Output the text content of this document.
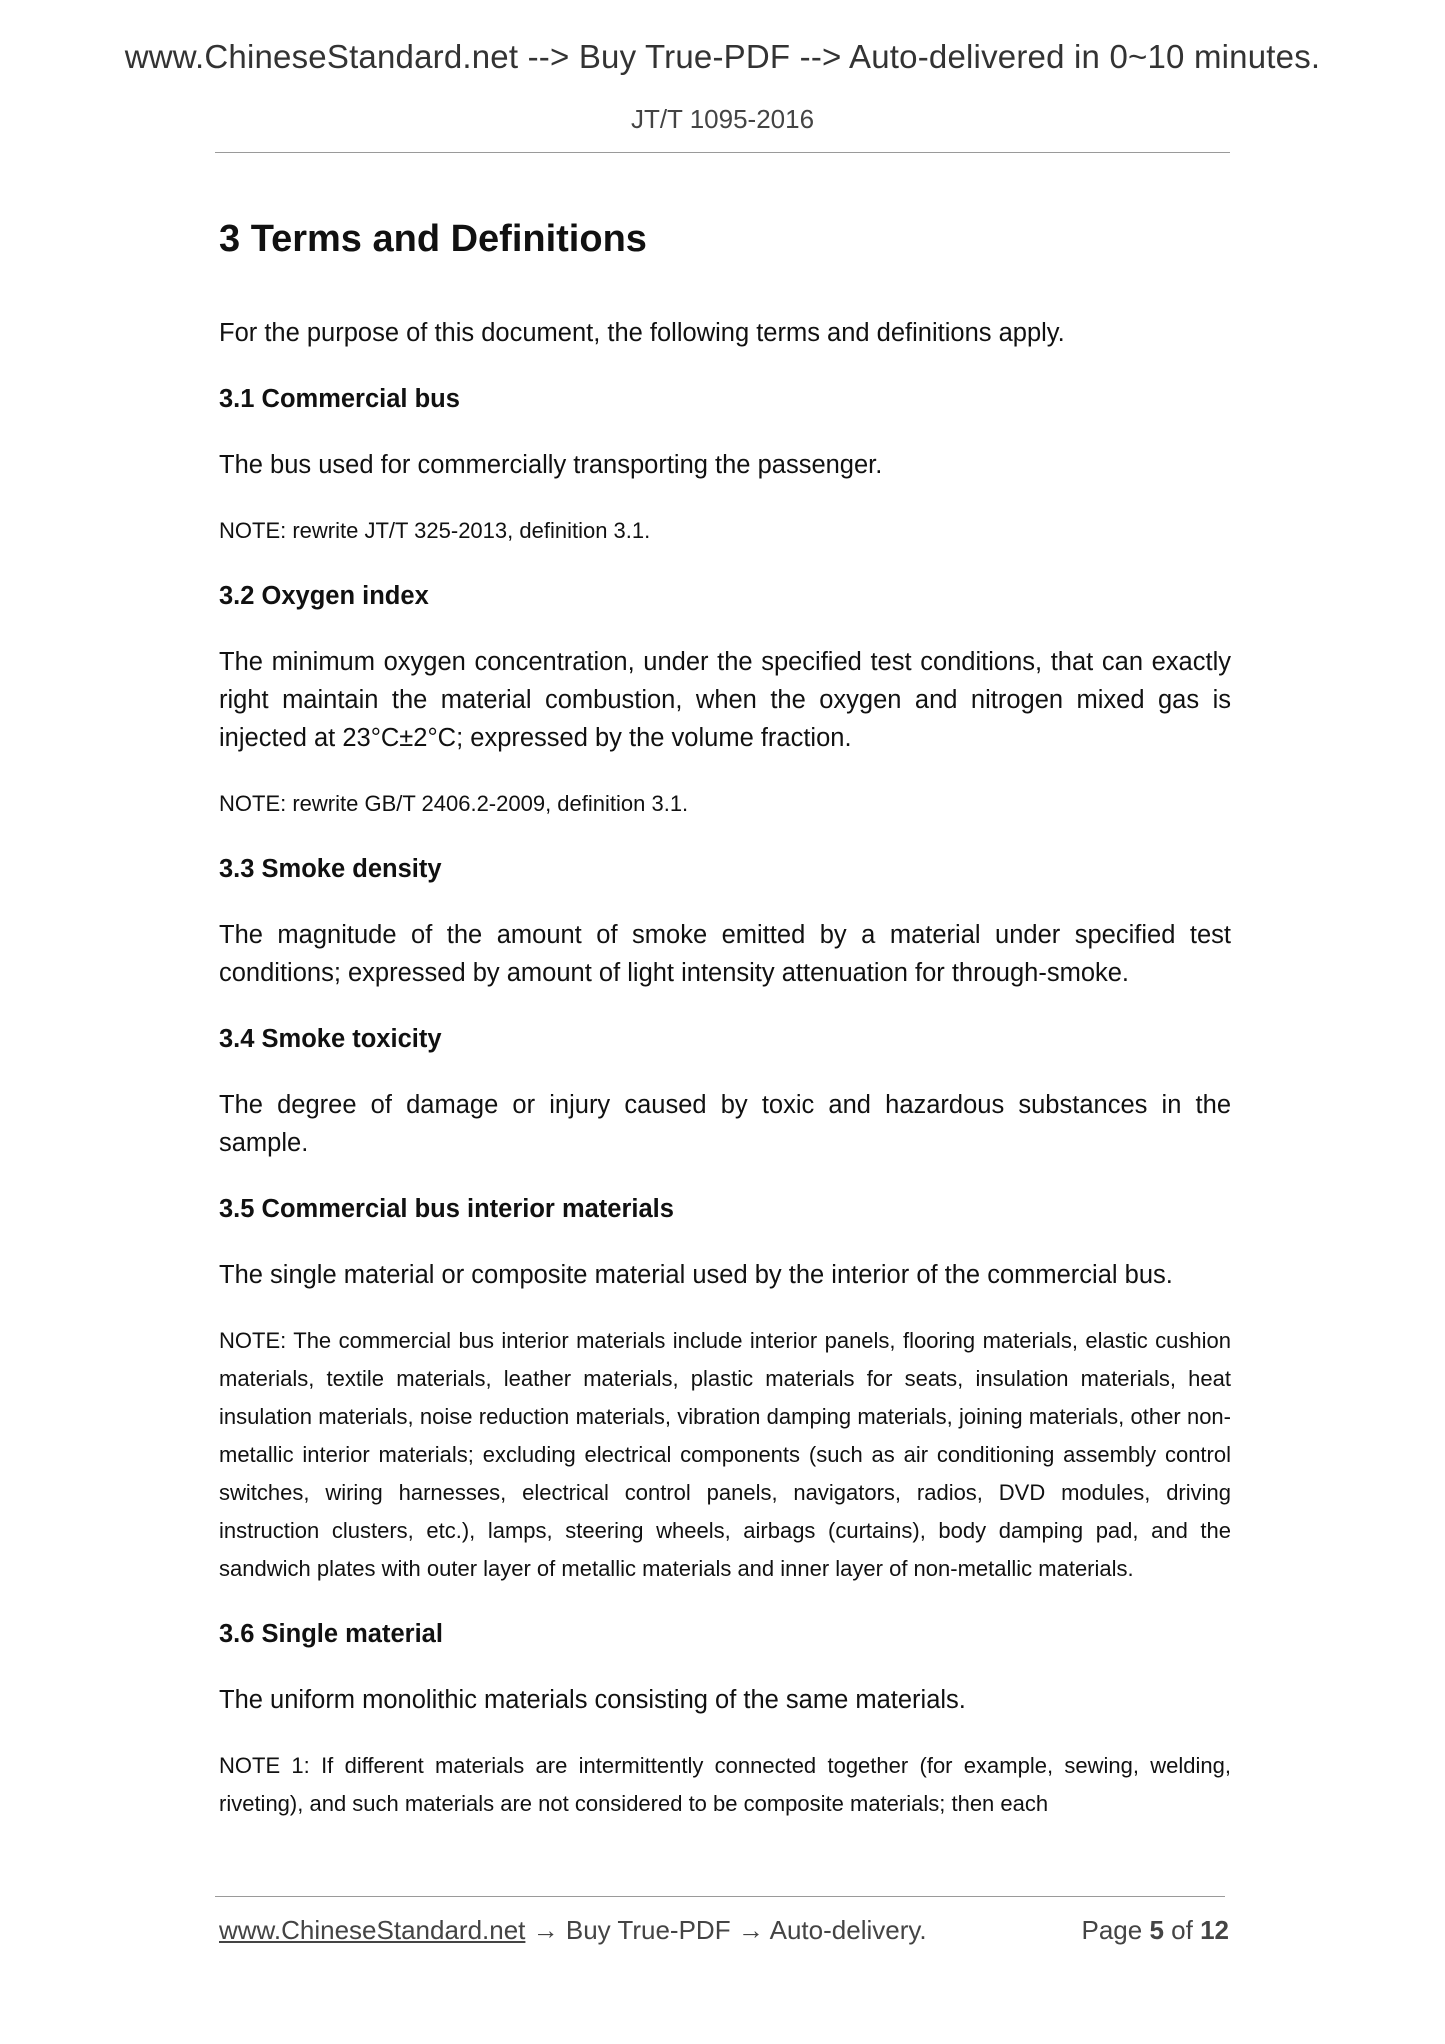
www.ChineseStandard.net --> Buy True-PDF --> Auto-delivered in 0~10 minutes.
JT/T 1095-2016
3 Terms and Definitions

For the purpose of this document, the following terms and definitions apply.

3.1 Commercial bus

The bus used for commercially transporting the passenger.

NOTE: rewrite JT/T 325-2013, definition 3.1.

3.2 Oxygen index

The minimum oxygen concentration, under the specified test conditions, that can exactly right maintain the material combustion, when the oxygen and nitrogen mixed gas is injected at 23°C±2°C; expressed by the volume fraction.

NOTE: rewrite GB/T 2406.2-2009, definition 3.1.

3.3 Smoke density

The magnitude of the amount of smoke emitted by a material under specified test conditions; expressed by amount of light intensity attenuation for through-smoke.

3.4 Smoke toxicity

The degree of damage or injury caused by toxic and hazardous substances in the sample.

3.5 Commercial bus interior materials

The single material or composite material used by the interior of the commercial bus.

NOTE: The commercial bus interior materials include interior panels, flooring materials, elastic cushion materials, textile materials, leather materials, plastic materials for seats, insulation materials, heat insulation materials, noise reduction materials, vibration damping materials, joining materials, other non-metallic interior materials; excluding electrical components (such as air conditioning assembly control switches, wiring harnesses, electrical control panels, navigators, radios, DVD modules, driving instruction clusters, etc.), lamps, steering wheels, airbags (curtains), body damping pad, and the sandwich plates with outer layer of metallic materials and inner layer of non-metallic materials.

3.6 Single material

The uniform monolithic materials consisting of the same materials.

NOTE 1: If different materials are intermittently connected together (for example, sewing, welding, riveting), and such materials are not considered to be composite materials; then each

www.ChineseStandard.net → Buy True-PDF → Auto-delivery.	Page 5 of 12
